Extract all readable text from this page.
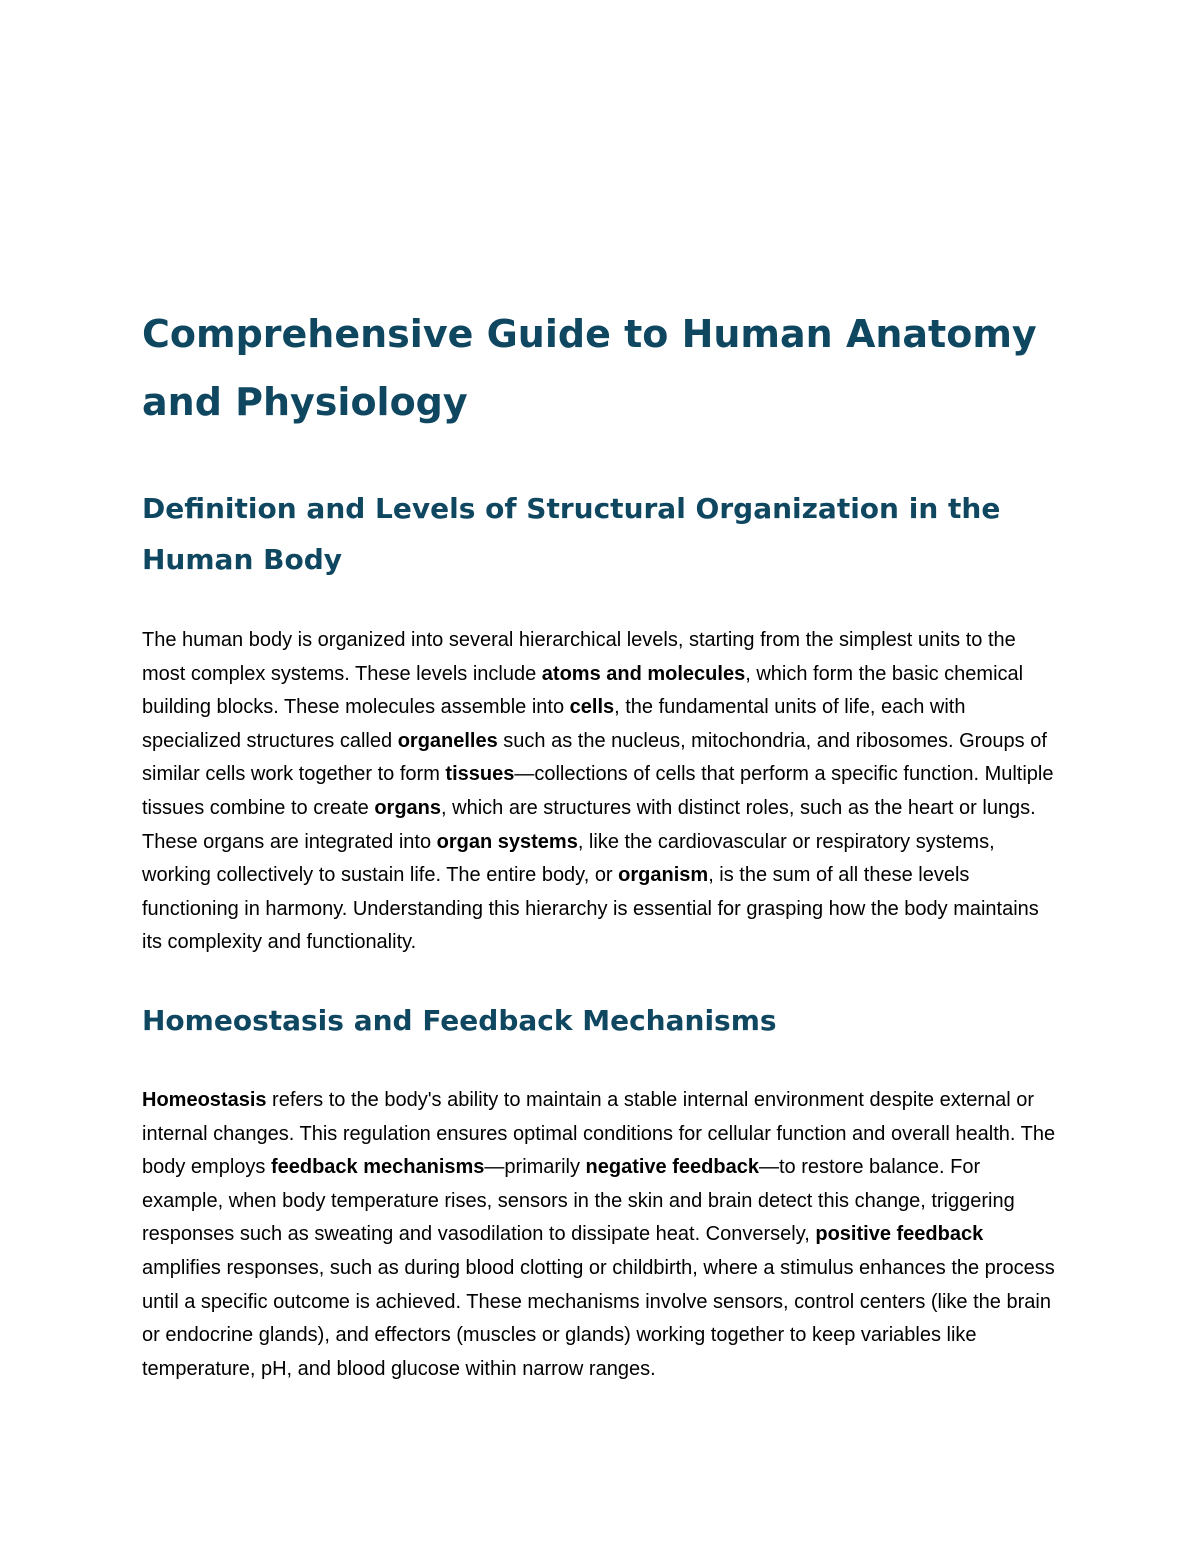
Comprehensive Guide to Human Anatomy and Physiology
Definition and Levels of Structural Organization in the Human Body

The human body is organized into several hierarchical levels, starting from the simplest units to the most complex systems. These levels include atoms and molecules, which form the basic chemical building blocks. These molecules assemble into cells, the fundamental units of life, each with specialized structures called organelles such as the nucleus, mitochondria, and ribosomes. Groups of similar cells work together to form tissues—collections of cells that perform a specific function. Multiple tissues combine to create organs, which are structures with distinct roles, such as the heart or lungs. These organs are integrated into organ systems, like the cardiovascular or respiratory systems, working collectively to sustain life. The entire body, or organism, is the sum of all these levels functioning in harmony. Understanding this hierarchy is essential for grasping how the body maintains its complexity and functionality.

Homeostasis and Feedback Mechanisms

Homeostasis refers to the body's ability to maintain a stable internal environment despite external or internal changes. This regulation ensures optimal conditions for cellular function and overall health. The body employs feedback mechanisms—primarily negative feedback—to restore balance. For example, when body temperature rises, sensors in the skin and brain detect this change, triggering responses such as sweating and vasodilation to dissipate heat. Conversely, positive feedback amplifies responses, such as during blood clotting or childbirth, where a stimulus enhances the process until a specific outcome is achieved. These mechanisms involve sensors, control centers (like the brain or endocrine glands), and effectors (muscles or glands) working together to keep variables like temperature, pH, and blood glucose within narrow ranges.
